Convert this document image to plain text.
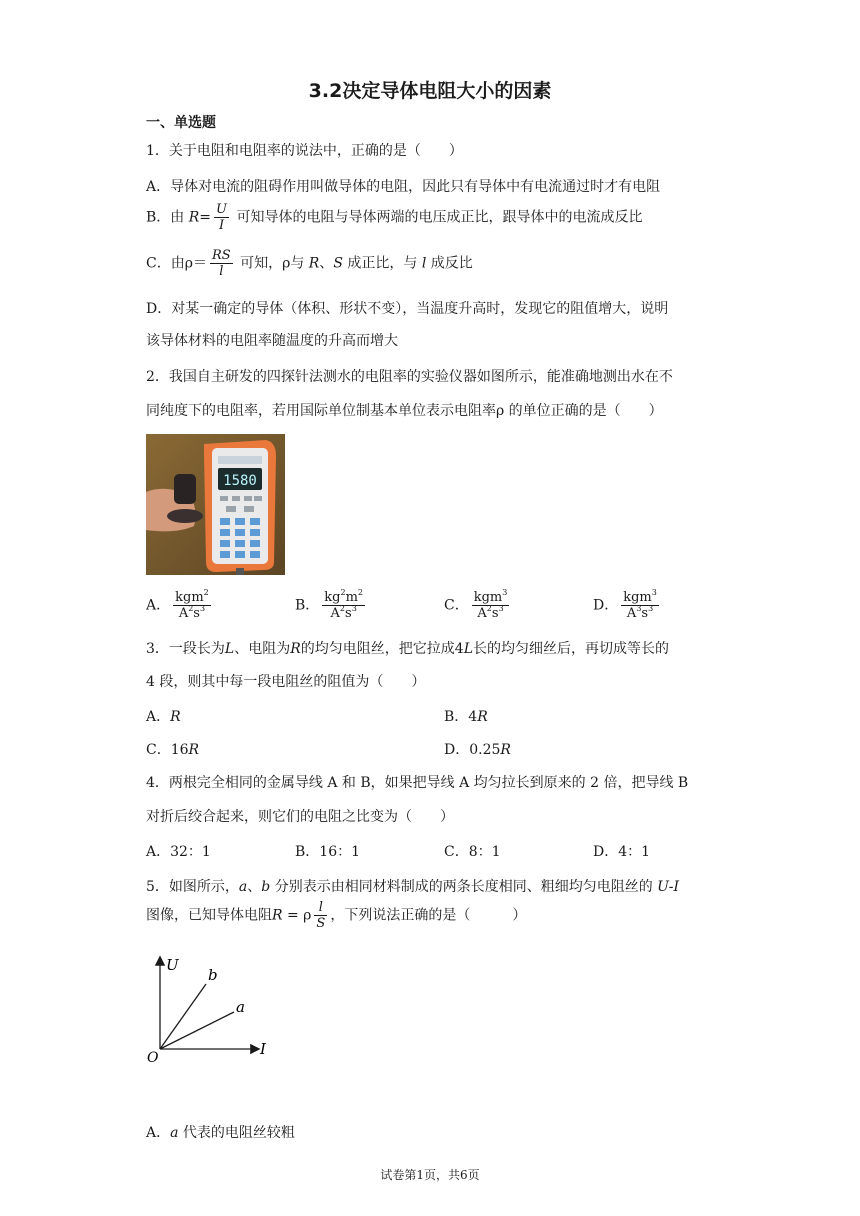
3.2决定导体电阻大小的因素
一、单选题
1．关于电阻和电阻率的说法中，正确的是（　　）
A．导体对电流的阻碍作用叫做导体的电阻，因此只有导体中有电流通过时才有电阻
B．由 $R= \frac{U}{I}$ 可知导体的电阻与导体两端的电压成正比，跟导体中的电流成反比
C．由$\rho= \frac{RS}{l}$ 可知，ρ与 R、S 成正比，与 l 成反比
D．对某一确定的导体（体积、形状不变），当温度升高时，发现它的阻值增大，说明
该导体材料的电阻率随温度的升高而增大
2．我国自主研发的四探针法测水的电阻率的实验仪器如图所示，能准确地测出水在不
同纯度下的电阻率，若用国际单位制基本单位表示电阻率ρ 的单位正确的是（　　）
1580
A． $\frac{kgm^2}{A^2s^3}$	B． $\frac{kg^2m^2}{A^2s^3}$	C． $\frac{kgm^3}{A^2s^3}$	D． $\frac{kgm^3}{A^3s^3}$
3．一段长为L、电阻为R的均匀电阻丝，把它拉成4L长的均匀细丝后，再切成等长的
4 段，则其中每一段电阻丝的阻值为（　　）
A．R	B．4R
C．16R	D．0.25R
4．两根完全相同的金属导线 A 和 B，如果把导线 A 均匀拉长到原来的 2 倍，把导线 B
对折后绞合起来，则它们的电阻之比变为（　　）
A．32：1	B．16：1	C．8：1	D．4：1
5．如图所示，a、b 分别表示由相同材料制成的两条长度相同、粗细均匀电阻丝的 U-I
图像，已知导体电阻R = ρ $\frac{l}{S}$ ，下列说法正确的是（　　　）
U
I
O
b
a
A．a 代表的电阻丝较粗
试卷第1页，共6页
